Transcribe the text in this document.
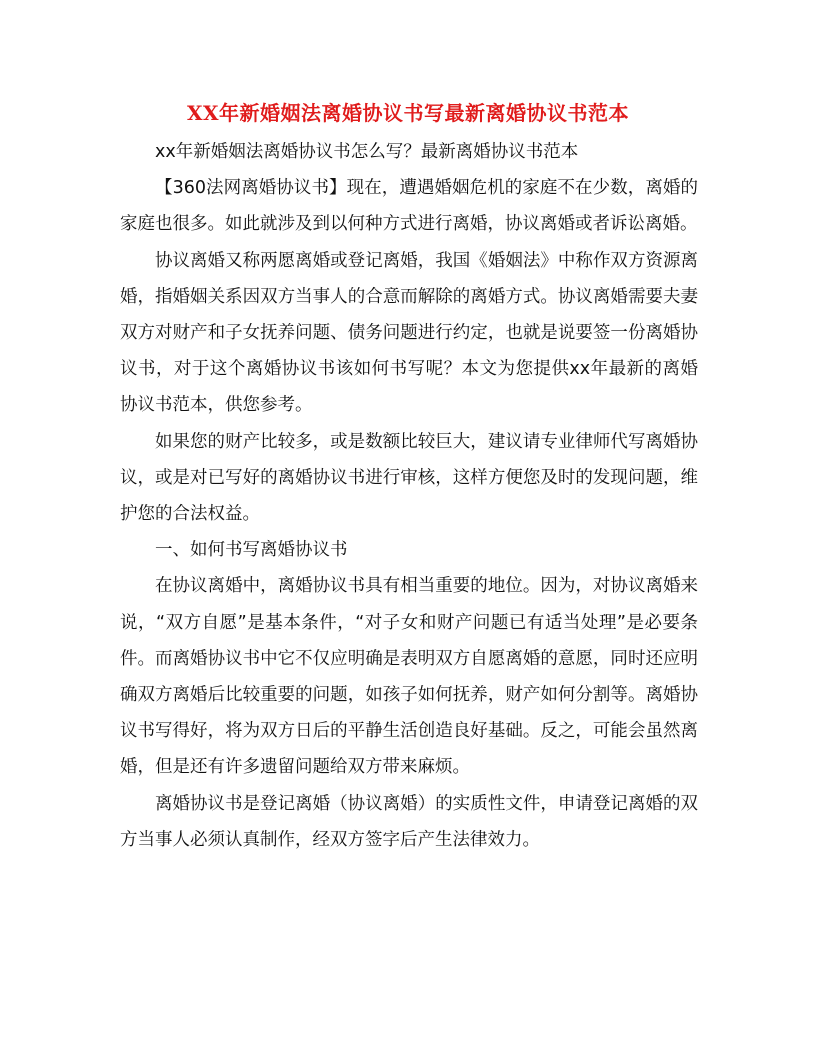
XX年新婚姻法离婚协议书写最新离婚协议书范本

xx年新婚姻法离婚协议书怎么写？最新离婚协议书范本

【360法网离婚协议书】现在，遭遇婚姻危机的家庭不在少数，离婚的家庭也很多。如此就涉及到以何种方式进行离婚，协议离婚或者诉讼离婚。

协议离婚又称两愿离婚或登记离婚，我国《婚姻法》中称作双方资源离婚，指婚姻关系因双方当事人的合意而解除的离婚方式。协议离婚需要夫妻双方对财产和子女抚养问题、债务问题进行约定，也就是说要签一份离婚协议书，对于这个离婚协议书该如何书写呢？本文为您提供xx年最新的离婚协议书范本，供您参考。

如果您的财产比较多，或是数额比较巨大，建议请专业律师代写离婚协议，或是对已写好的离婚协议书进行审核，这样方便您及时的发现问题，维护您的合法权益。

一、如何书写离婚协议书

在协议离婚中，离婚协议书具有相当重要的地位。因为，对协议离婚来说，“双方自愿”是基本条件，“对子女和财产问题已有适当处理”是必要条件。而离婚协议书中它不仅应明确是表明双方自愿离婚的意愿，同时还应明确双方离婚后比较重要的问题，如孩子如何抚养，财产如何分割等。离婚协议书写得好，将为双方日后的平静生活创造良好基础。反之，可能会虽然离婚，但是还有许多遗留问题给双方带来麻烦。

离婚协议书是登记离婚（协议离婚）的实质性文件，申请登记离婚的双方当事人必须认真制作，经双方签字后产生法律效力。
